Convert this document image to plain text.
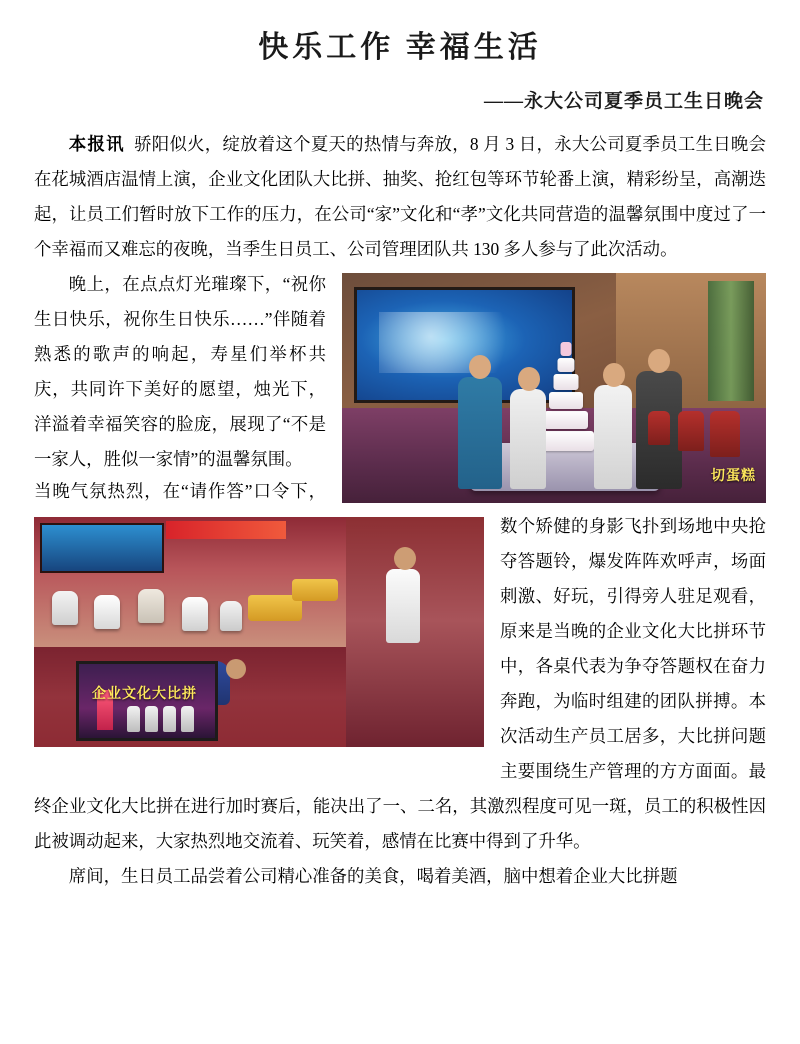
快乐工作 幸福生活
——永大公司夏季员工生日晚会

本报讯 骄阳似火，绽放着这个夏天的热情与奔放，8 月 3 日，永大公司夏季员工生日晚会在花城酒店温情上演，企业文化团队大比拼、抽奖、抢红包等环节轮番上演，精彩纷呈，高潮迭起，让员工们暂时放下工作的压力，在公司“家”文化和“孝”文化共同营造的温馨氛围中度过了一个幸福而又难忘的夜晚，当季生日员工、公司管理团队共 130 多人参与了此次活动。

切蛋糕

晚上，在点点灯光璀璨下，“祝你生日快乐，祝你生日快乐……”伴随着熟悉的歌声的响起，寿星们举杯共庆，共同许下美好的愿望，烛光下，洋溢着幸福笑容的脸庞，展现了“不是一家人，胜似一家情”的温馨氛围。

企业文化大比拼

当晚气氛热烈，在“请作答”口令下，数个矫健的身影飞扑到场地中央抢夺答题铃，爆发阵阵欢呼声，场面刺激、好玩，引得旁人驻足观看，原来是当晚的企业文化大比拼环节中，各桌代表为争夺答题权在奋力奔跑，为临时组建的团队拼搏。本次活动生产员工居多，大比拼问题主要围绕生产管理的方方面面。最终企业文化大比拼在进行加时赛后，能决出了一、二名，其激烈程度可见一斑，员工的积极性因此被调动起来，大家热烈地交流着、玩笑着，感情在比赛中得到了升华。

席间，生日员工品尝着公司精心准备的美食，喝着美酒，脑中想着企业大比拼题
